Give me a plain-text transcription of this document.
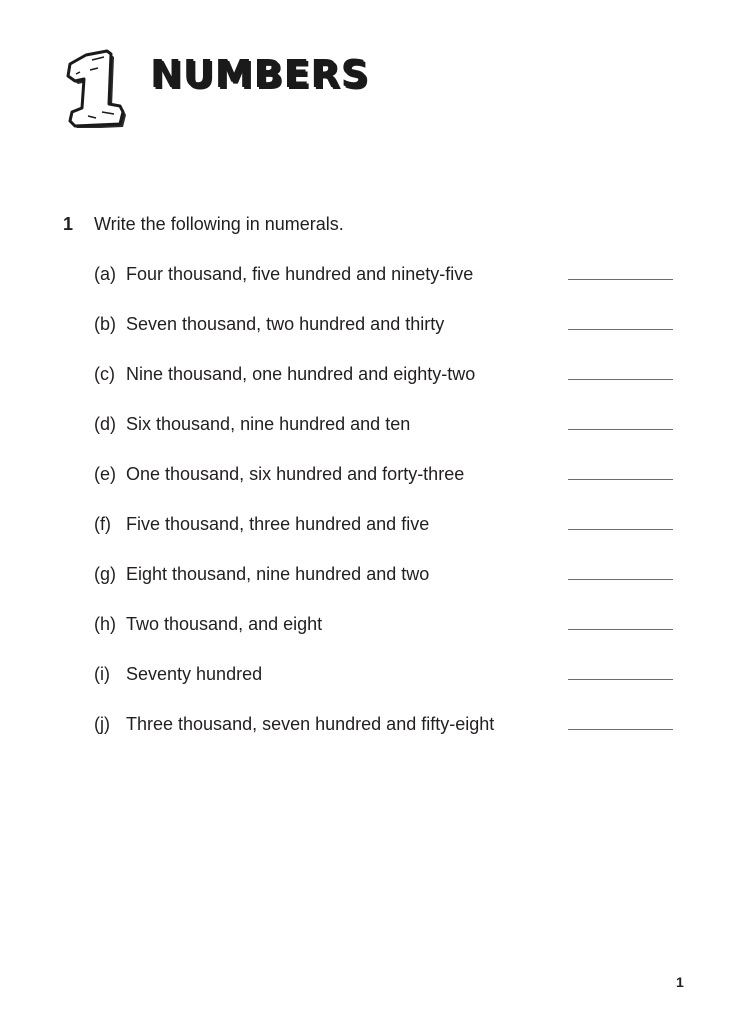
NUMBERS
1	Write the following in numerals.
(a) Four thousand, five hundred and ninety-five
(b) Seven thousand, two hundred and thirty
(c) Nine thousand, one hundred and eighty-two
(d) Six thousand, nine hundred and ten
(e) One thousand, six hundred and forty-three
(f) Five thousand, three hundred and five
(g) Eight thousand, nine hundred and two
(h) Two thousand, and eight
(i) Seventy hundred
(j) Three thousand, seven hundred and fifty-eight
1
